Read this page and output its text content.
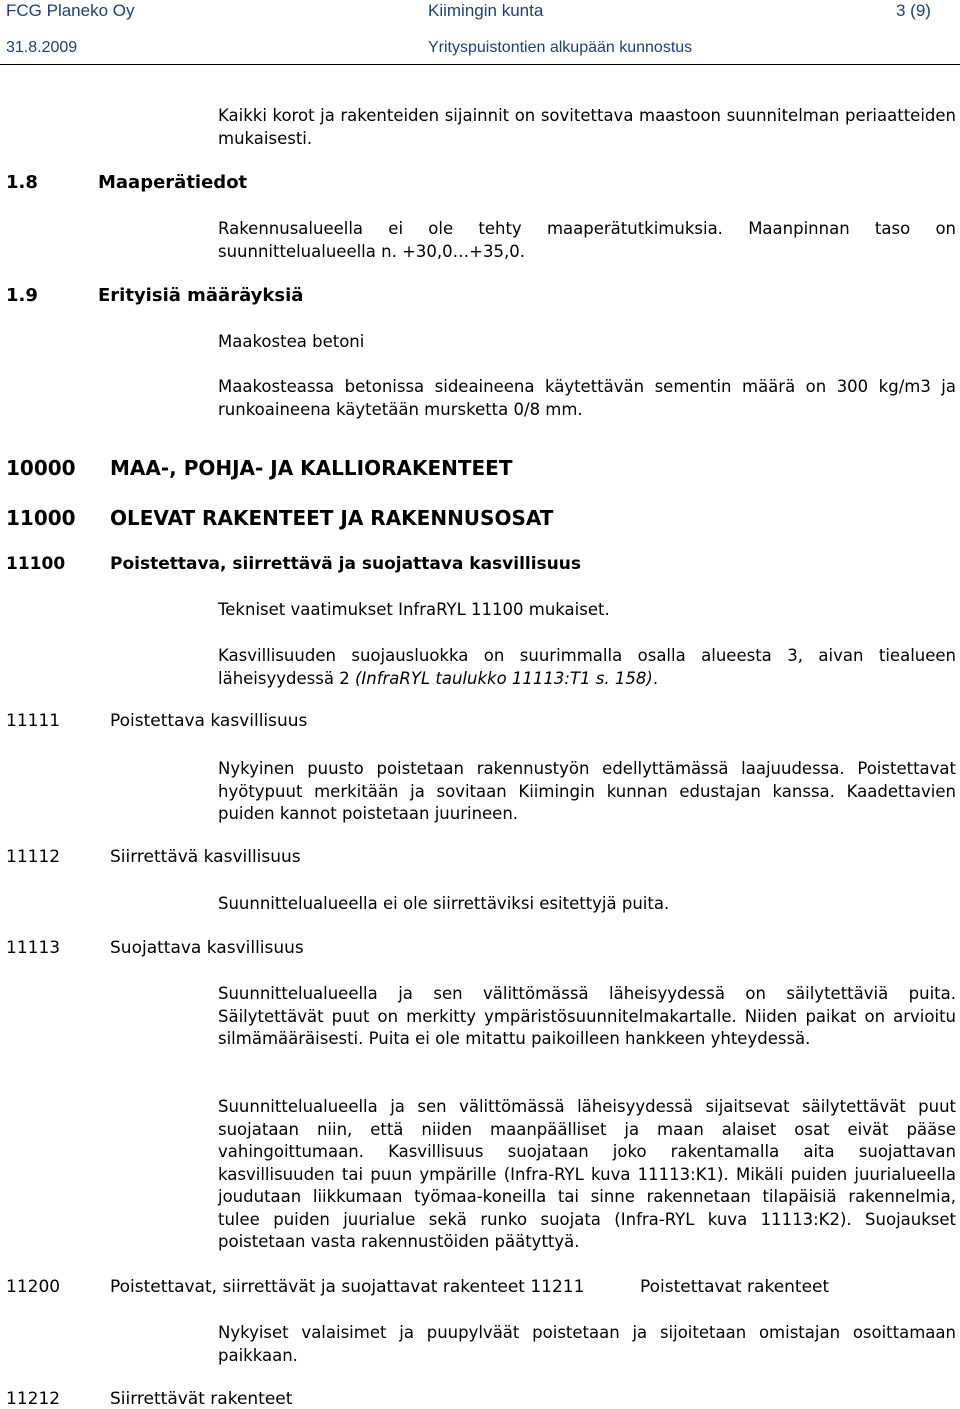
FCG Planeko Oy	Kiimingin kunta	3 (9)
31.8.2009	Yrityspuistontien alkupään kunnostus

Kaikki korot ja rakenteiden sijainnit on sovitettava maastoon suunnitelman periaatteiden mukaisesti.

1.8	Maaperätiedot

Rakennusalueella ei ole tehty maaperätutkimuksia. Maanpinnan taso on suunnittelualueella n. +30,0…+35,0.

1.9	Erityisiä määräyksiä
Maakostea betoni

Maakosteassa betonissa sideaineena käytettävän sementin määrä on 300 kg/m3 ja runkoaineena käytetään mursketta 0/8 mm.

10000 MAA-, POHJA- JA KALLIORAKENTEET
11000 OLEVAT RAKENTEET JA RAKENNUSOSAT
11100	Poistettava, siirrettävä ja suojattava kasvillisuus
Tekniset vaatimukset InfraRYL 11100 mukaiset.

Kasvillisuuden suojausluokka on suurimmalla osalla alueesta 3, aivan tiealueen läheisyydessä 2 (InfraRYL taulukko 11113:T1 s. 158).

11111	Poistettava kasvillisuus

Nykyinen puusto poistetaan rakennustyön edellyttämässä laajuudessa. Poistettavat hyötypuut merkitään ja sovitaan Kiimingin kunnan edustajan kanssa. Kaadettavien puiden kannot poistetaan juurineen.

11112	Siirrettävä kasvillisuus
Suunnittelualueella ei ole siirrettäviksi esitettyjä puita.
11113	Suojattava kasvillisuus

Suunnittelualueella ja sen välittömässä läheisyydessä on säilytettäviä puita. Säilytettävät puut on merkitty ympäristösuunnitelmakartalle. Niiden paikat on arvioitu silmämääräisesti. Puita ei ole mitattu paikoilleen hankkeen yhteydessä.

Suunnittelualueella ja sen välittömässä läheisyydessä sijaitsevat säilytettävät puut suojataan niin, että niiden maanpäälliset ja maan alaiset osat eivät pääse vahingoittumaan. Kasvillisuus suojataan joko rakentamalla aita suojattavan kasvillisuuden tai puun ympärille (Infra-RYL kuva 11113:K1). Mikäli puiden juurialueella joudutaan liikkumaan työmaa-koneilla tai sinne rakennetaan tilapäisiä rakennelmia, tulee puiden juurialue sekä runko suojata (Infra-RYL kuva 11113:K2). Suojaukset poistetaan vasta rakennustöiden päätyttyä.

11200	Poistettavat, siirrettävät ja suojattavat rakenteet 11211	Poistettavat rakenteet

Nykyiset valaisimet ja puupylväät poistetaan ja sijoitetaan omistajan osoittamaan paikkaan.

11212	Siirrettävät rakenteet
